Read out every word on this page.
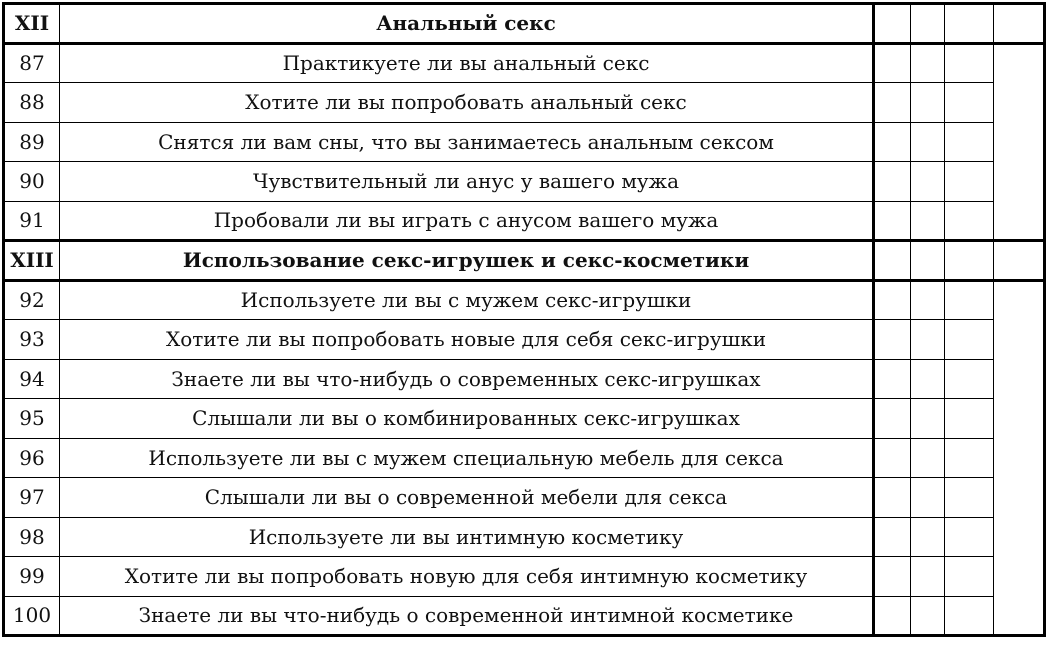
XII	Анальный секс				
87	Практикуете ли вы анальный секс				
88	Хотите ли вы попробовать анальный секс				
89	Снятся ли вам сны, что вы занимаетесь анальным сексом				
90	Чувствительный ли анус у вашего мужа				
91	Пробовали ли вы играть с анусом вашего мужа				
XIII	Использование секс-игрушек и секс-косметики				
92	Используете ли вы с мужем секс-игрушки				
93	Хотите ли вы попробовать новые для себя секс-игрушки				
94	Знаете ли вы что-нибудь о современных секс-игрушках				
95	Слышали ли вы о комбинированных секс-игрушках				
96	Используете ли вы с мужем специальную мебель для секса				
97	Слышали ли вы о современной мебели для секса				
98	Используете ли вы интимную косметику				
99	Хотите ли вы попробовать новую для себя интимную косметику				
100	Знаете ли вы что-нибудь о современной интимной косметике				
